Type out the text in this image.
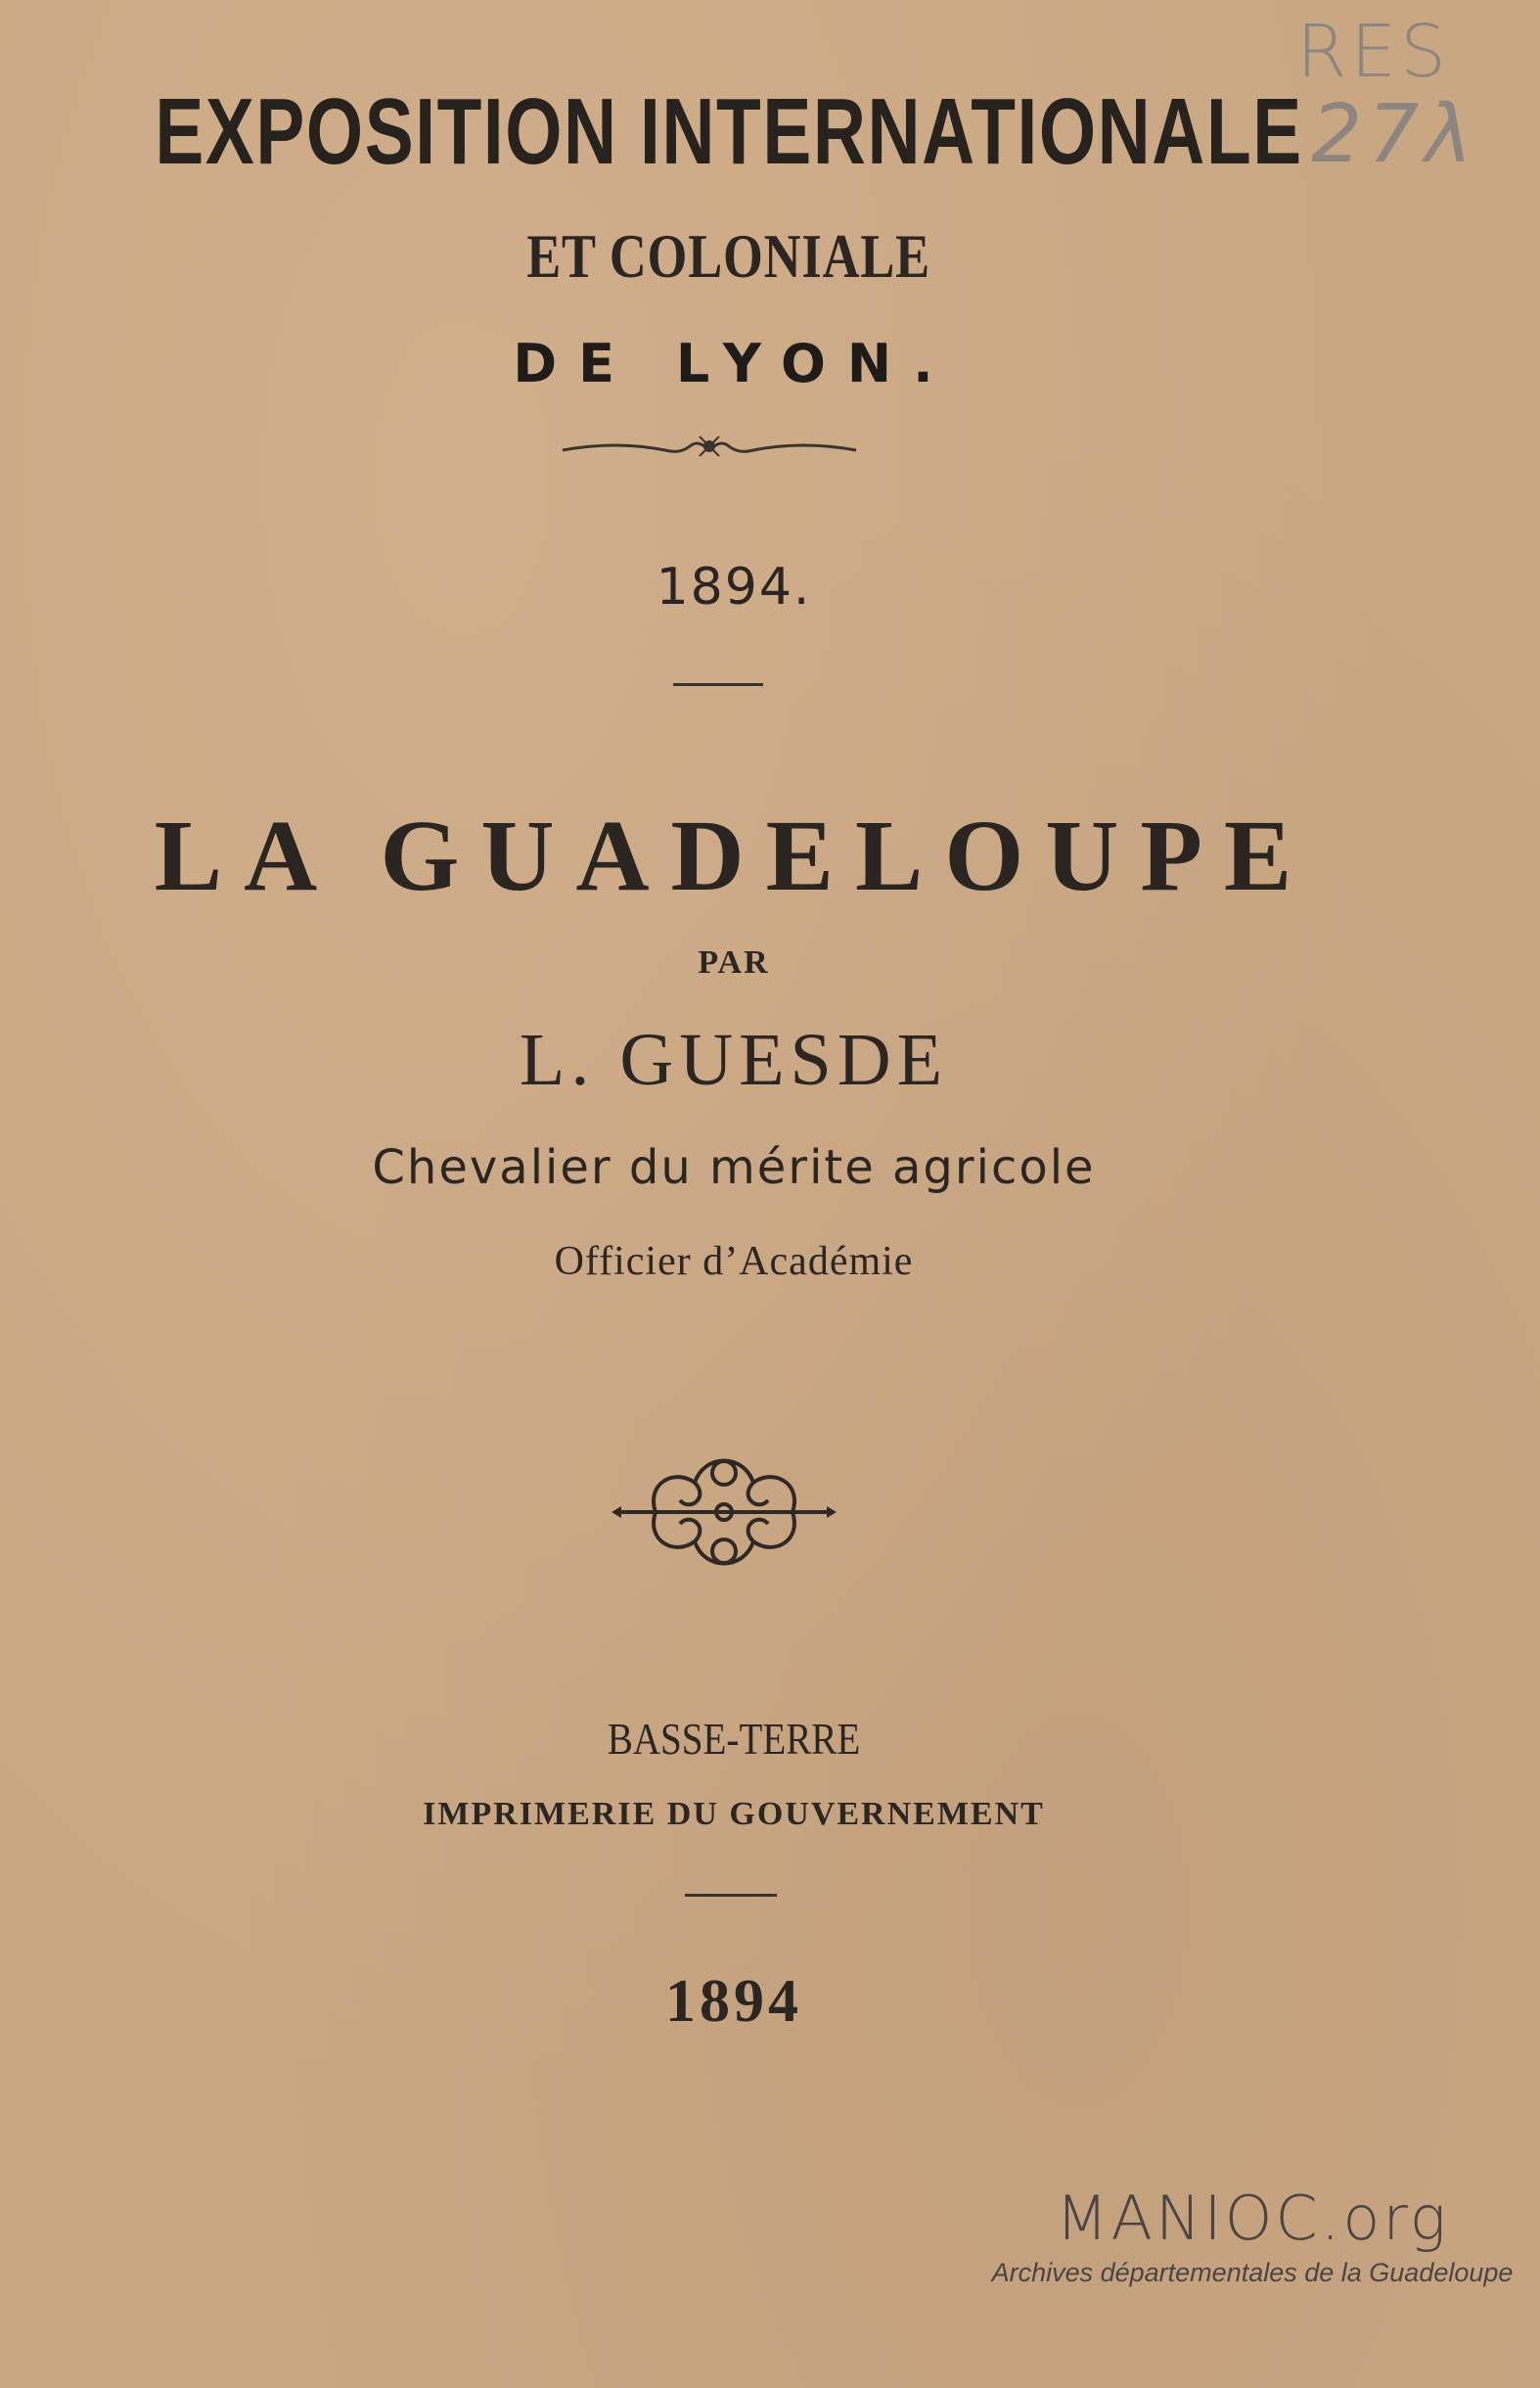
RES
27λ
EXPOSITION INTERNATIONALE
ET COLONIALE
DE LYON.
1894.
LA GUADELOUPE
PAR
L. GUESDE
Chevalier du mérite agricole
Officier d’Académie
BASSE-TERRE
IMPRIMERIE DU GOUVERNEMENT
1894
MANIOC.org
Archives départementales de la Guadeloupe
